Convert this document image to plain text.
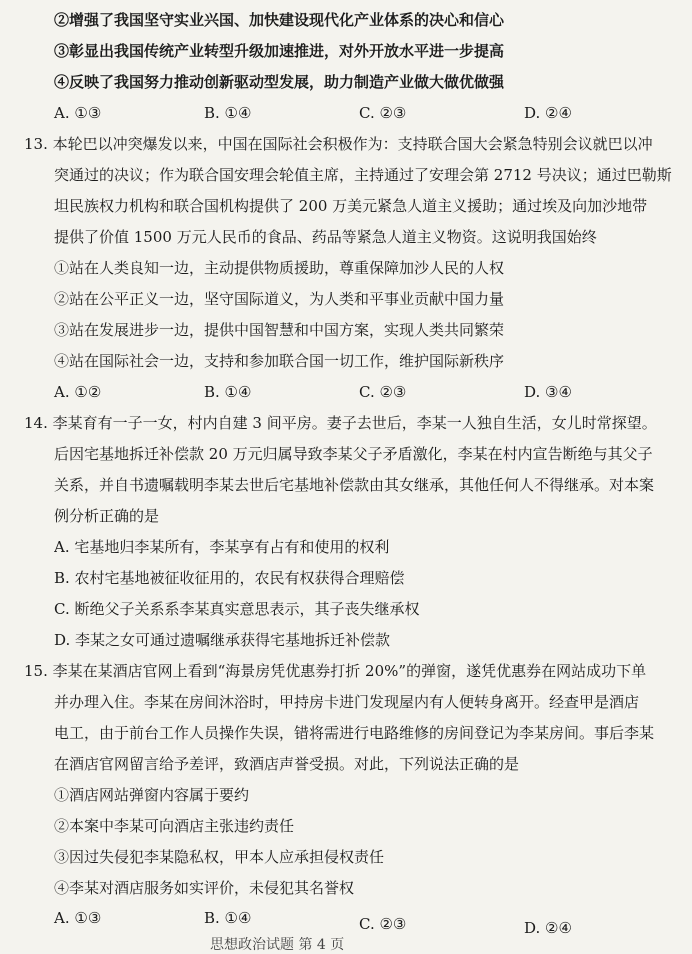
②增强了我国坚守实业兴国、加快建设现代化产业体系的决心和信心
③彰显出我国传统产业转型升级加速推进，对外开放水平进一步提高
④反映了我国努力推动创新驱动型发展，助力制造产业做大做优做强
A. ①③	B. ①④	C. ②③	D. ②④
13. 本轮巴以冲突爆发以来，中国在国际社会积极作为：支持联合国大会紧急特别会议就巴以冲
突通过的决议；作为联合国安理会轮值主席，主持通过了安理会第 2712 号决议；通过巴勒斯
坦民族权力机构和联合国机构提供了 200 万美元紧急人道主义援助；通过埃及向加沙地带
提供了价值 1500 万元人民币的食品、药品等紧急人道主义物资。这说明我国始终
①站在人类良知一边，主动提供物质援助，尊重保障加沙人民的人权
②站在公平正义一边，坚守国际道义，为人类和平事业贡献中国力量
③站在发展进步一边，提供中国智慧和中国方案，实现人类共同繁荣
④站在国际社会一边，支持和参加联合国一切工作，维护国际新秩序
A. ①②	B. ①④	C. ②③	D. ③④
14. 李某育有一子一女，村内自建 3 间平房。妻子去世后，李某一人独自生活，女儿时常探望。
后因宅基地拆迁补偿款 20 万元归属导致李某父子矛盾激化，李某在村内宣告断绝与其父子
关系，并自书遗嘱载明李某去世后宅基地补偿款由其女继承，其他任何人不得继承。对本案
例分析正确的是
A. 宅基地归李某所有，李某享有占有和使用的权利
B. 农村宅基地被征收征用的，农民有权获得合理赔偿
C. 断绝父子关系系李某真实意思表示，其子丧失继承权
D. 李某之女可通过遗嘱继承获得宅基地拆迁补偿款
15. 李某在某酒店官网上看到“海景房凭优惠券打折 20%”的弹窗，遂凭优惠券在网站成功下单
并办理入住。李某在房间沐浴时，甲持房卡进门发现屋内有人便转身离开。经查甲是酒店
电工，由于前台工作人员操作失误，错将需进行电路维修的房间登记为李某房间。事后李某
在酒店官网留言给予差评，致酒店声誉受损。对此，下列说法正确的是
①酒店网站弹窗内容属于要约
②本案中李某可向酒店主张违约责任
③因过失侵犯李某隐私权，甲本人应承担侵权责任
④李某对酒店服务如实评价，未侵犯其名誉权
A. ①③	B. ①④	C. ②③	D. ②④
思想政治试题 第 4 页
